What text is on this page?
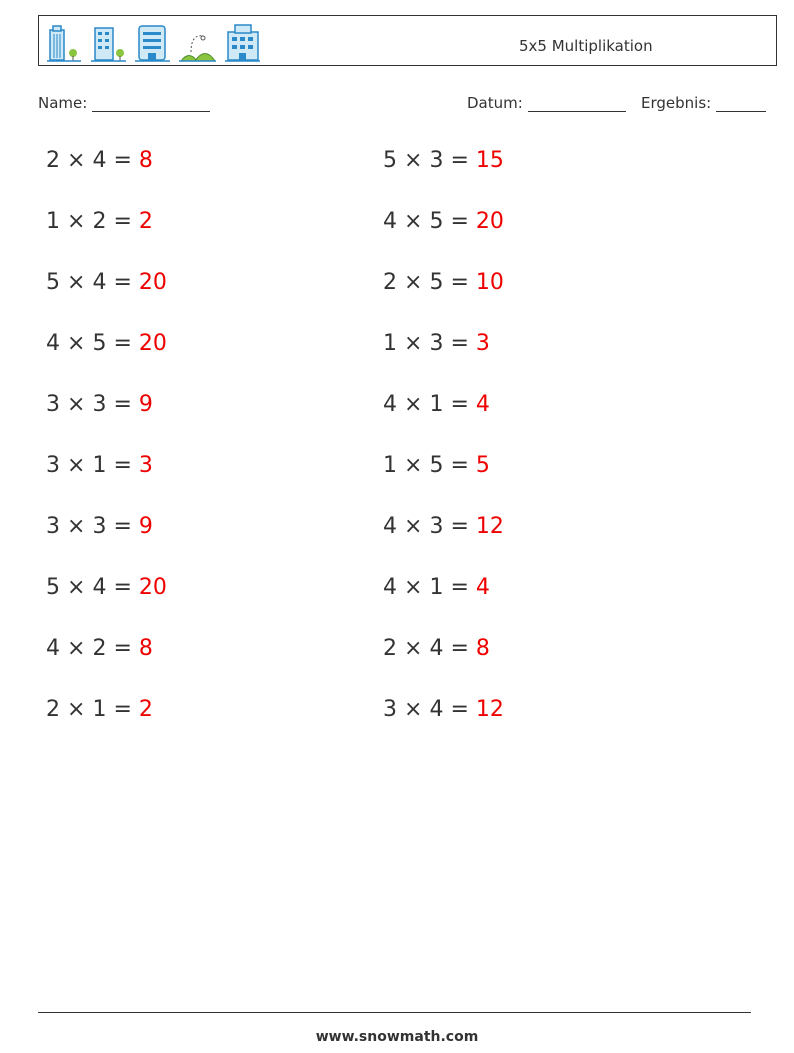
5x5 Multiplikation
Name:	Datum:	Ergebnis:
2 × 4 = 8
1 × 2 = 2
5 × 4 = 20
4 × 5 = 20
3 × 3 = 9
3 × 1 = 3
3 × 3 = 9
5 × 4 = 20
4 × 2 = 8
2 × 1 = 2
5 × 3 = 15
4 × 5 = 20
2 × 5 = 10
1 × 3 = 3
4 × 1 = 4
1 × 5 = 5
4 × 3 = 12
4 × 1 = 4
2 × 4 = 8
3 × 4 = 12
www.snowmath.com
